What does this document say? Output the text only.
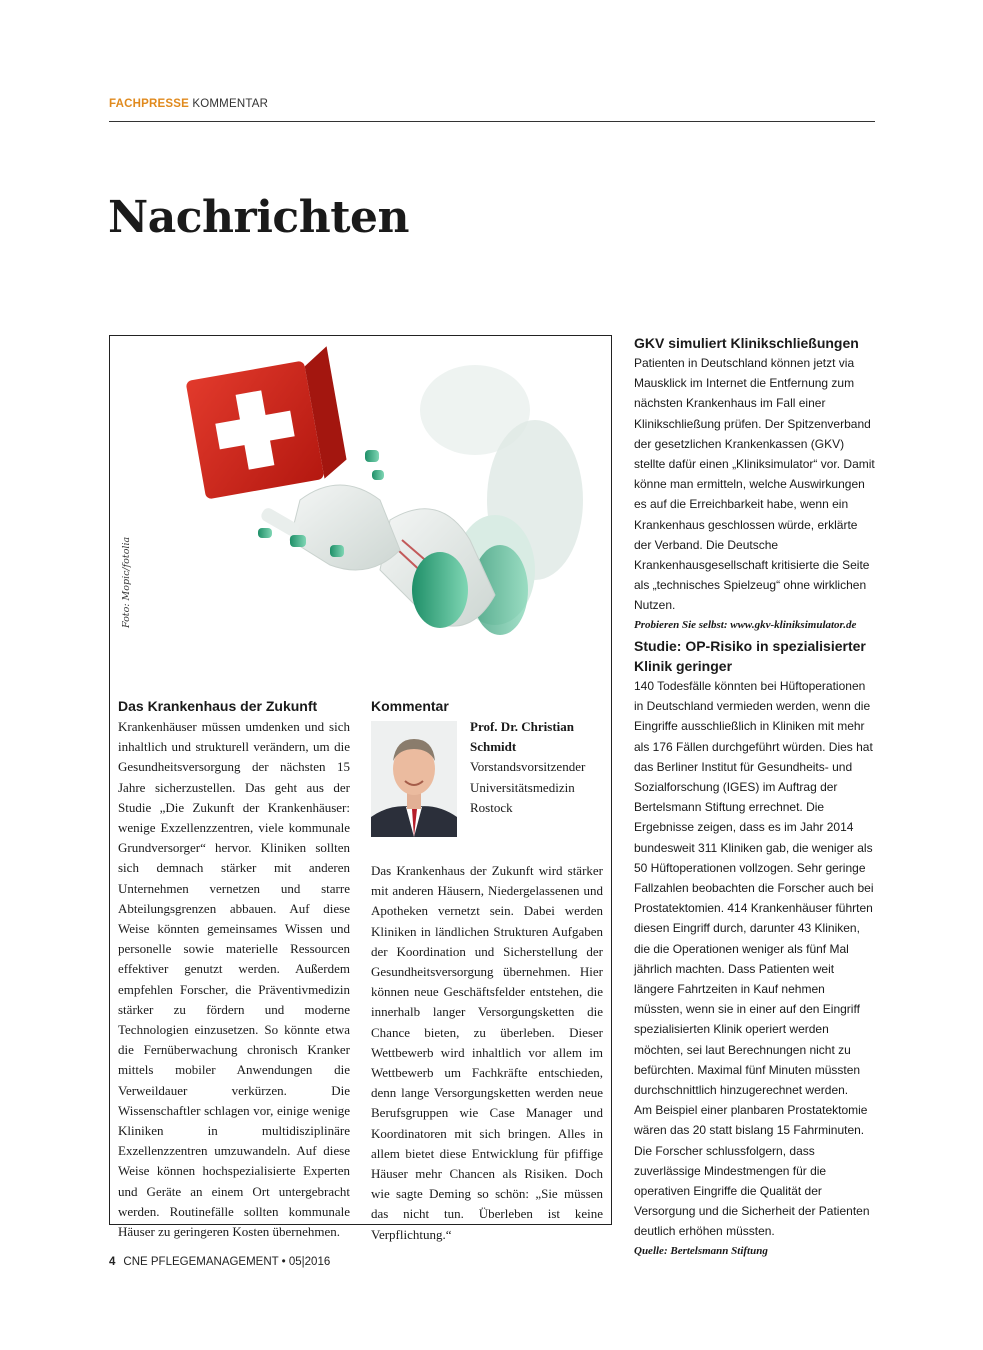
FACHPRESSE KOMMENTAR
Nachrichten
Foto: Mopic/fotolia
Das Krankenhaus der Zukunft

Krankenhäuser müssen umdenken und sich inhaltlich und strukturell verändern, um die Gesundheitsversorgung der nächsten 15 Jahre sicherzustellen. Das geht aus der Studie „Die Zukunft der Krankenhäuser: wenige Exzellenzzentren, viele kommunale Grundversorger“ hervor. Kliniken sollten sich demnach stärker mit anderen Unternehmen vernetzen und starre Abteilungsgrenzen abbauen. Auf diese Weise könnten gemeinsames Wissen und personelle sowie materielle Ressourcen effektiver genutzt werden. Außerdem empfehlen Forscher, die Präventivmedizin stärker zu fördern und moderne Technologien einzusetzen. So könnte etwa die Fernüberwachung chronisch Kranker mittels mobiler Anwendungen die Verweildauer verkürzen. Die Wissenschaftler schlagen vor, einige wenige Kliniken in multidisziplinäre Exzellenzzentren umzuwandeln. Auf diese Weise können hochspezialisierte Experten und Geräte an einem Ort untergebracht werden. Routinefälle sollten kommunale Häuser zu geringeren Kosten übernehmen.

Kommentar
Prof. Dr. Christian Schmidt
Vorstandsvorsitzender Universitätsmedizin Rostock

Das Krankenhaus der Zukunft wird stärker mit anderen Häusern, Niedergelassenen und Apotheken vernetzt sein. Dabei werden Kliniken in ländlichen Strukturen Aufgaben der Koordination und Sicherstellung der Gesundheitsversorgung übernehmen. Hier können neue Geschäftsfelder entstehen, die innerhalb langer Versorgungsketten die Chance bieten, zu überleben. Dieser Wettbewerb wird inhaltlich vor allem im Wettbewerb um Fachkräfte entschieden, denn lange Versorgungsketten werden neue Berufsgruppen wie Case Manager und Koordinatoren mit sich bringen. Alles in allem bietet diese Entwicklung für pfiffige Häuser mehr Chancen als Risiken. Doch wie sagte Deming so schön: „Sie müssen das nicht tun. Überleben ist keine Verpflichtung.“

GKV simuliert Klinikschließungen

Patienten in Deutschland können jetzt via Mausklick im Internet die Entfernung zum nächsten Krankenhaus im Fall einer Klinikschließung prüfen. Der Spitzenverband der gesetzlichen Krankenkassen (GKV) stellte dafür einen „Kliniksimulator“ vor. Damit könne man ermitteln, welche Auswirkungen es auf die Erreichbarkeit habe, wenn ein Krankenhaus geschlossen würde, erklärte der Verband. Die Deutsche Krankenhausgesellschaft kritisierte die Seite als „technisches Spielzeug“ ohne wirklichen Nutzen.

Probieren Sie selbst: www.gkv-kliniksimulator.de
Studie: OP-Risiko in spezialisierter Klinik geringer

140 Todesfälle könnten bei Hüftoperationen in Deutschland vermieden werden, wenn die Eingriffe ausschließlich in Kliniken mit mehr als 176 Fällen durchgeführt würden. Dies hat das Berliner Institut für Gesundheits- und Sozialforschung (IGES) im Auftrag der Bertelsmann Stiftung errechnet. Die Ergebnisse zeigen, dass es im Jahr 2014 bundesweit 311 Kliniken gab, die weniger als 50 Hüftoperationen vollzogen. Sehr geringe Fallzahlen beobachten die Forscher auch bei Prostatektomien. 414 Krankenhäuser führten diesen Eingriff durch, darunter 43 Kliniken, die die Operationen weniger als fünf Mal jährlich machten. Dass Patienten weit längere Fahrtzeiten in Kauf nehmen müssten, wenn sie in einer auf den Eingriff spezialisierten Klinik operiert werden möchten, sei laut Berechnungen nicht zu befürchten. Maximal fünf Minuten müssten durchschnittlich hinzugerechnet werden.

Am Beispiel einer planbaren Prostatektomie wären das 20 statt bislang 15 Fahrminuten. Die Forscher schlussfolgern, dass zuverlässige Mindestmengen für die operativen Eingriffe die Qualität der Versorgung und die Sicherheit der Patienten deutlich erhöhen müssten.

Quelle: Bertelsmann Stiftung
4 CNE PFLEGEMANAGEMENT • 05|2016
